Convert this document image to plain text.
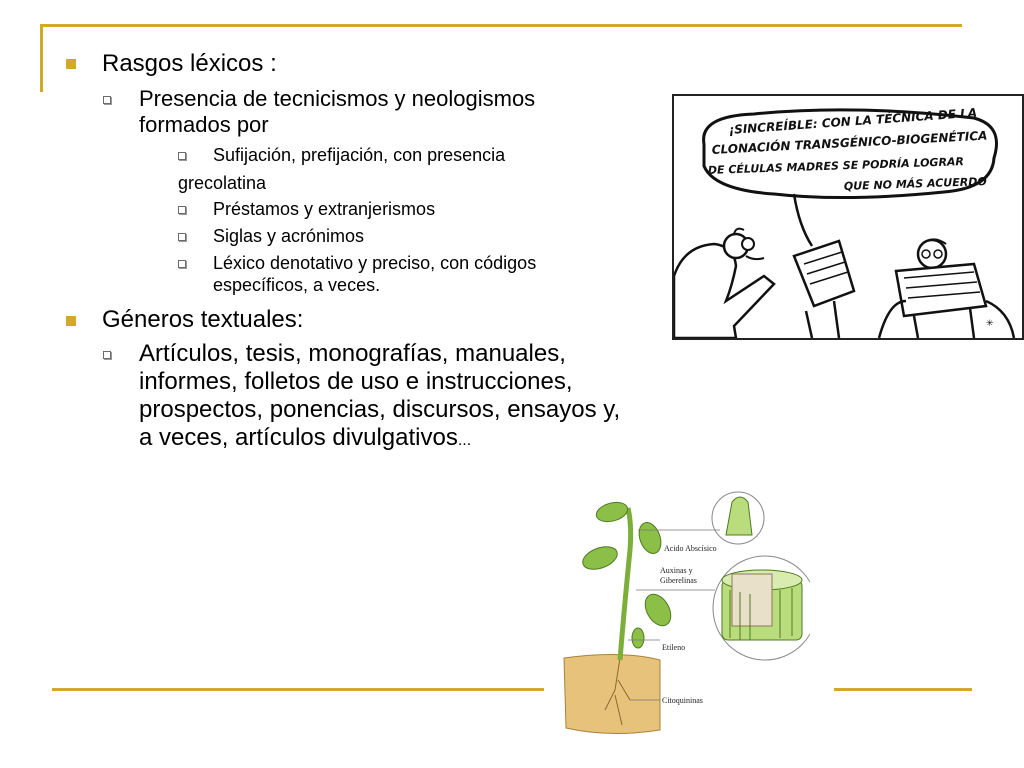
Rasgos léxicos :
Presencia de tecnicismos y neologismos
formados por
Sufijación, prefijación, con presencia
grecolatina
Préstamos y extranjerismos
Siglas y acrónimos
Léxico denotativo y preciso, con códigos
específicos, a veces.
Géneros textuales:
Artículos, tesis, monografías, manuales,
informes, folletos de uso e instrucciones,
prospectos, ponencias, discursos, ensayos y,
a veces, artículos divulgativos...
¡SINCREÍBLE: CON LA TÉCNICA DE LA
CLONACIÓN TRANSGÉNICO-BIOGENÉTICA
DE CÉLULAS MADRES SE PODRÍA LOGRAR
QUE NO MÁS ACUERDO
✳
Acido Abscísico
Auxinas y
Giberelinas
Etileno
Citoquininas
